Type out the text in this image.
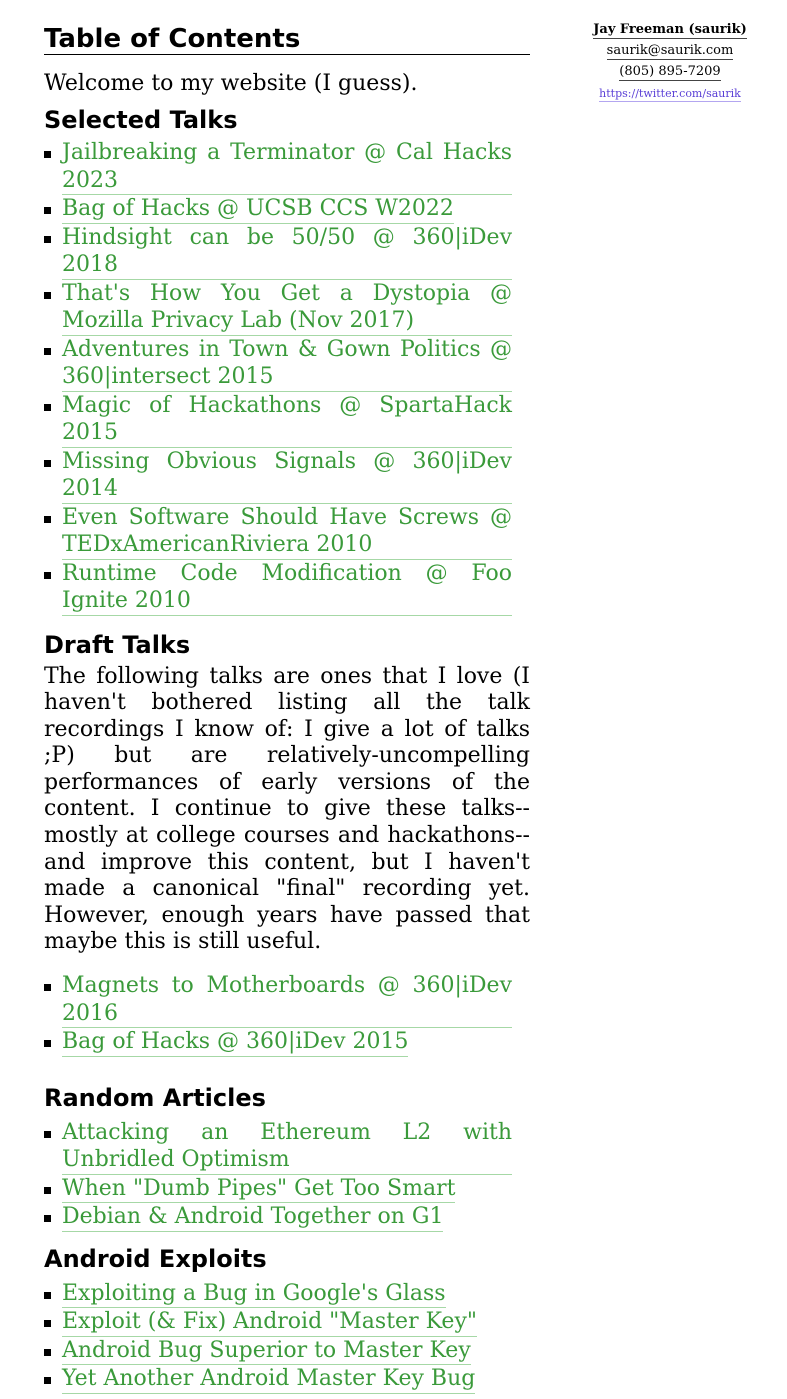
Table of Contents

Welcome to my website (I guess).

Selected Talks
Jailbreaking a Terminator @ Cal Hacks 2023
Bag of Hacks @ UCSB CCS W2022
Hindsight can be 50/50 @ 360|iDev 2018
That's How You Get a Dystopia @ Mozilla Privacy Lab (Nov 2017)
Adventures in Town & Gown Politics @ 360|intersect 2015
Magic of Hackathons @ SpartaHack 2015
Missing Obvious Signals @ 360|iDev 2014
Even Software Should Have Screws @ TEDxAmericanRiviera 2010
Runtime Code Modification @ Foo Ignite 2010
Draft Talks

The following talks are ones that I love (I haven't bothered listing all the talk recordings I know of: I give a lot of talks ;P) but are relatively-uncompelling performances of early versions of the content. I continue to give these talks--mostly at college courses and hackathons--and improve this content, but I haven't made a canonical "final" recording yet. However, enough years have passed that maybe this is still useful.

Magnets to Motherboards @ 360|iDev 2016
Bag of Hacks @ 360|iDev 2015
Random Articles
Attacking an Ethereum L2 with Unbridled Optimism
When "Dumb Pipes" Get Too Smart
Debian & Android Together on G1
Android Exploits
Exploiting a Bug in Google's Glass
Exploit (& Fix) Android "Master Key"
Android Bug Superior to Master Key
Yet Another Android Master Key Bug
Jay Freeman (saurik)
saurik@saurik.com
(805) 895-7209
https://twitter.com/saurik
